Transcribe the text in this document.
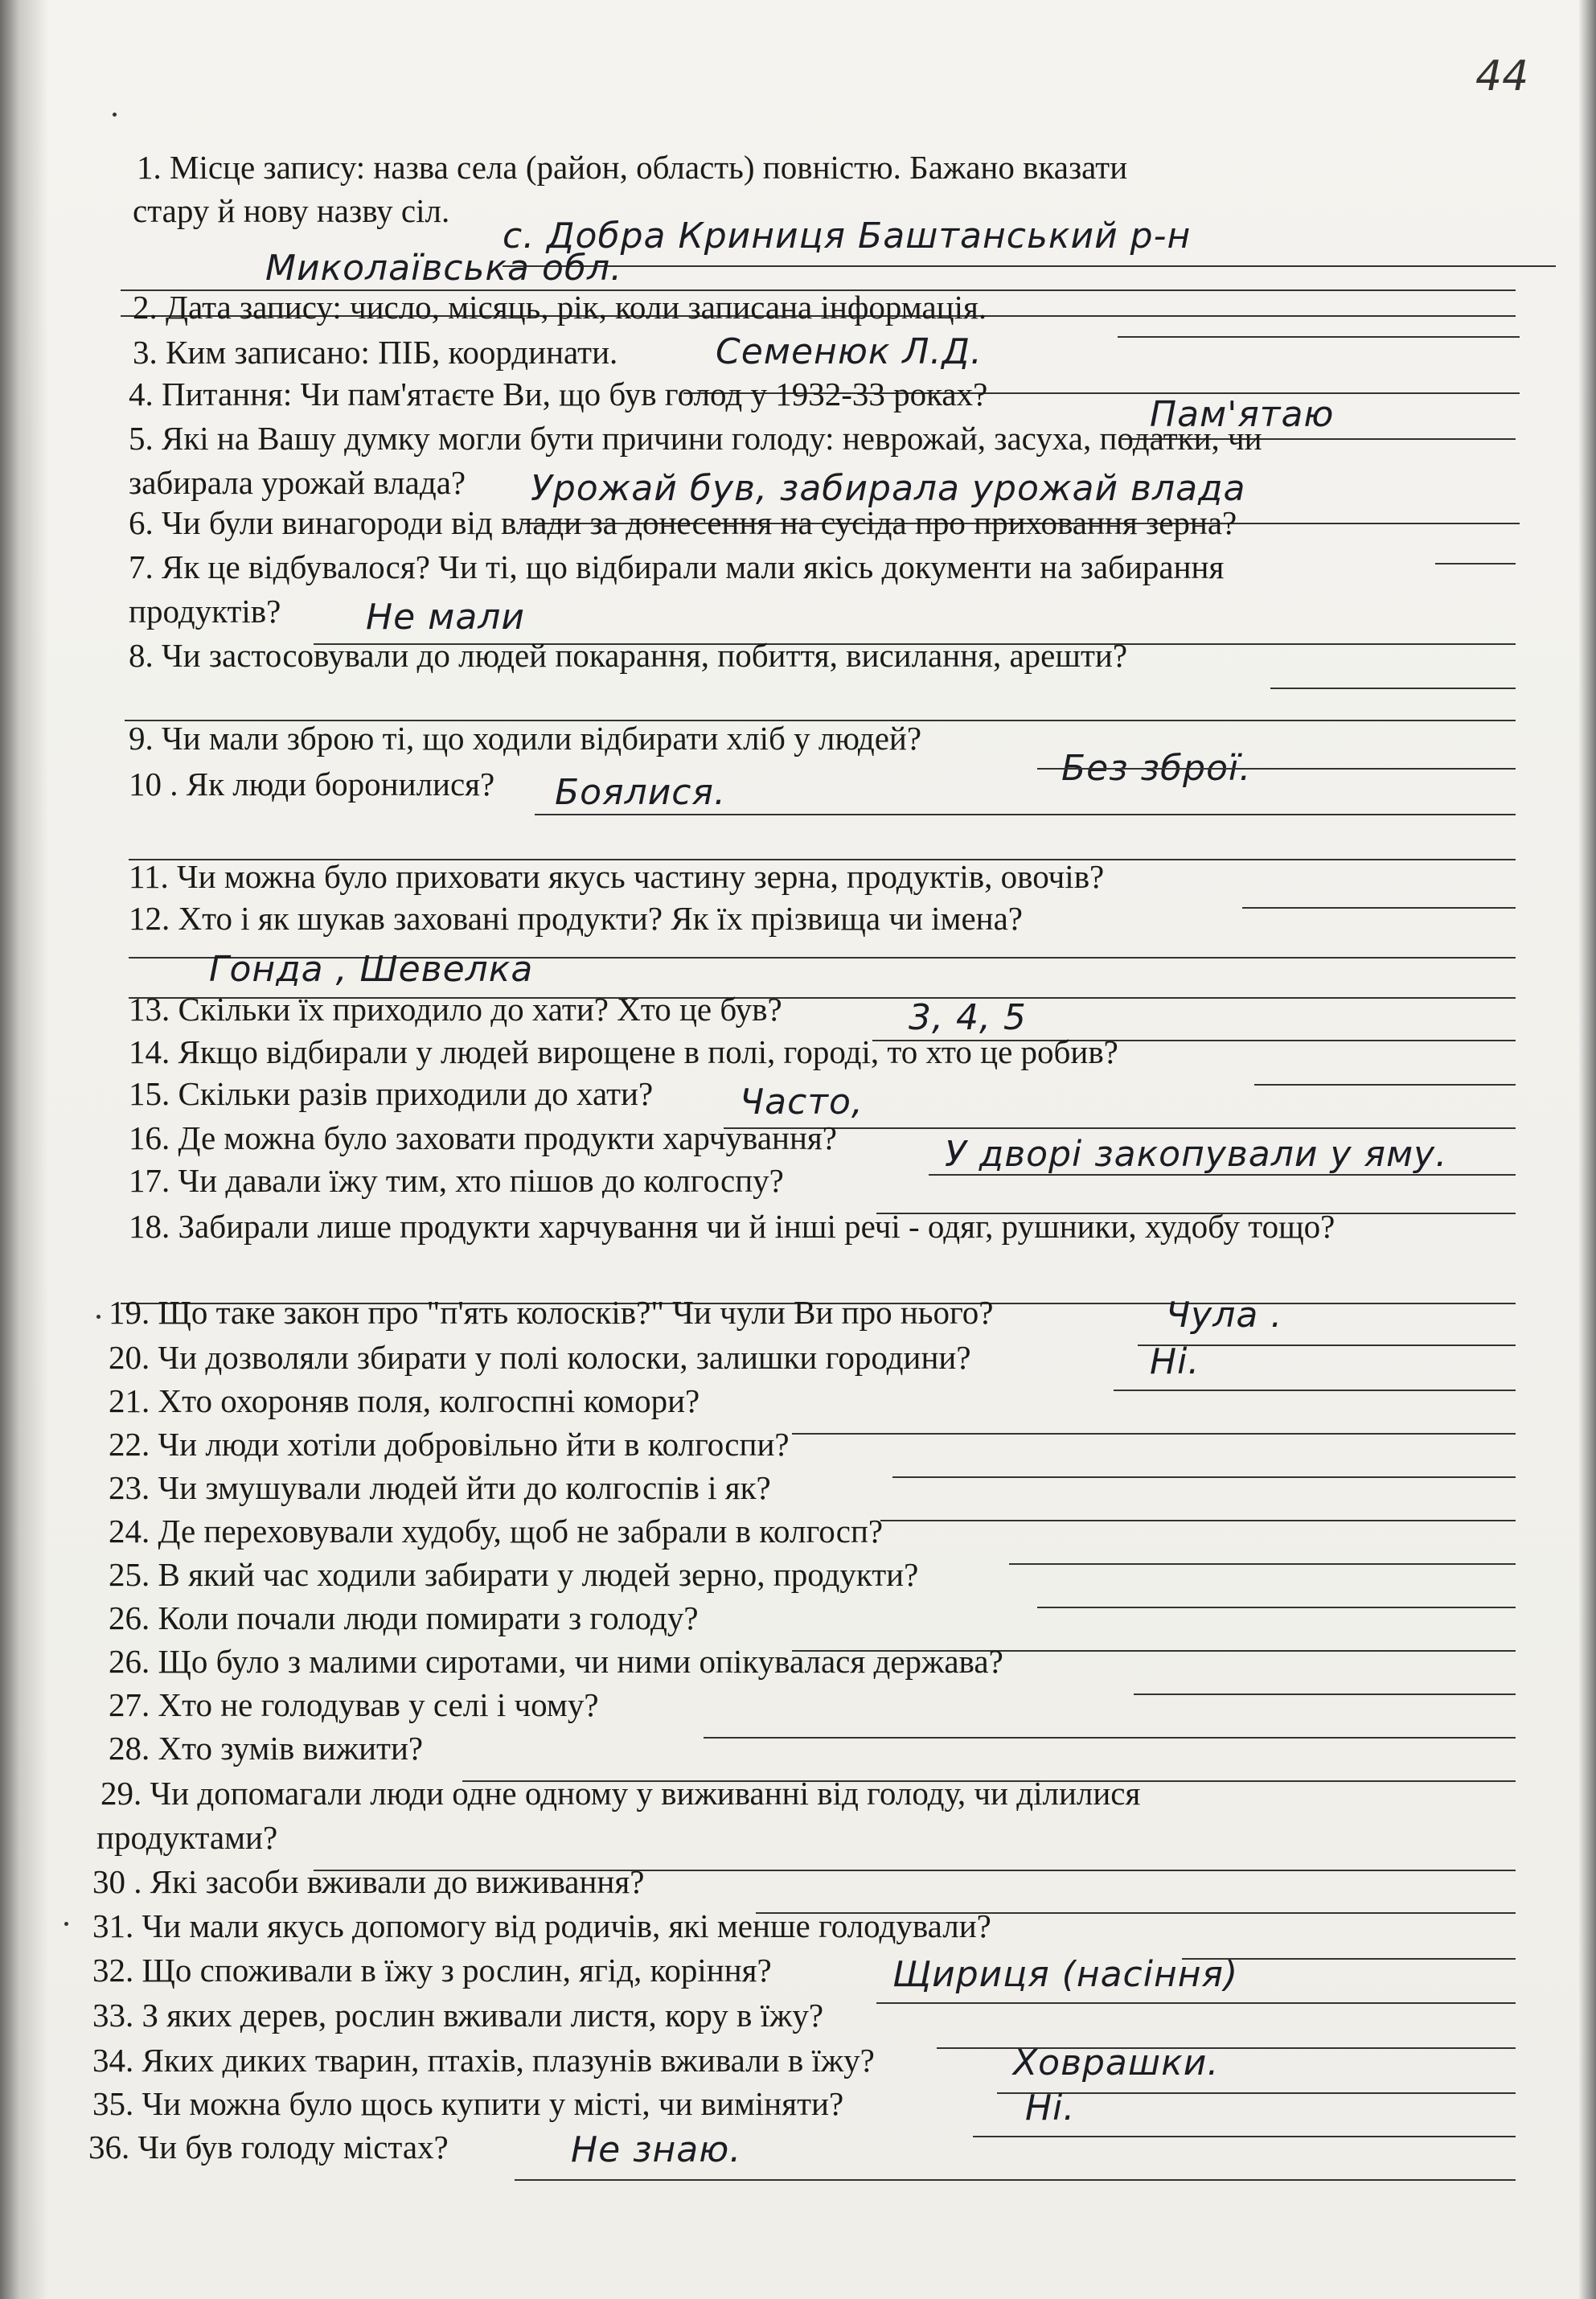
44
1. Місце запису: назва села (район, область) повністю. Бажано вказати
стару й нову назву сіл.
с. Добра Криниця Баштанський р-н
Миколаївська обл.
2. Дата запису: число, місяць, рік, коли записана інформація.
3. Ким записано: ПІБ, координати.	Семенюк Л.Д.
4. Питання: Чи пам'ятаєте Ви, що був голод у 1932-33 роках?	Пам'ятаю
5. Які на Вашу думку могли бути причини голоду: неврожай, засуха, податки, чи
забирала урожай влада? Урожай був, забирала урожай влада
6. Чи були винагороди від влади за донесення на сусіда про приховання зерна?
7. Як це відбувалося? Чи ті, що відбирали мали якісь документи на забирання
продуктів? Не мали
8. Чи застосовували до людей покарання, побиття, висилання, арешти?
9. Чи мали зброю ті, що ходили відбирати хліб у людей?
Без зброї.
10 . Як люди боронилися? Боялися.
11. Чи можна було приховати якусь частину зерна, продуктів, овочів?
12. Хто і як шукав заховані продукти? Як їх прізвища чи імена?
Гонда , Шевелка
13. Скільки їх приходило до хати? Хто це був?	3, 4, 5
14. Якщо відбирали у людей вирощене в полі, городі, то хто це робив?
15. Скільки разів приходили до хати? Часто,
16. Де можна було заховати продукти харчування?	У дворі закопували у яму.
17. Чи давали їжу тим, хто пішов до колгоспу?
18. Забирали лише продукти харчування чи й інші речі - одяг, рушники, худобу тощо?
19. Що таке закон про "п'ять колосків?" Чи чули Ви про нього?	Чула .
20. Чи дозволяли збирати у полі колоски, залишки городини?	Ні.
21. Хто охороняв поля, колгоспні комори?
22. Чи люди хотіли добровільно йти в колгоспи?
23. Чи змушували людей йти до колгоспів і як?
24. Де переховували худобу, щоб не забрали в колгосп?
25. В який час ходили забирати у людей зерно, продукти?
26. Коли почали люди помирати з голоду?
26. Що було з малими сиротами, чи ними опікувалася держава?
27. Хто не голодував у селі і чому?
28. Хто зумів вижити?
29. Чи допомагали люди одне одному у виживанні від голоду, чи ділилися
продуктами?
30 . Які засоби вживали до виживання?
31. Чи мали якусь допомогу від родичів, які менше голодували?
32. Що споживали в їжу з рослин, ягід, коріння?	Щириця (насіння)
33. З яких дерев, рослин вживали листя, кору в їжу?
34. Яких диких тварин, птахів, плазунів вживали в їжу?	Ховрашки.
35. Чи можна було щось купити у місті, чи виміняти?	Ні.
36. Чи був голоду містах?	Не знаю.
